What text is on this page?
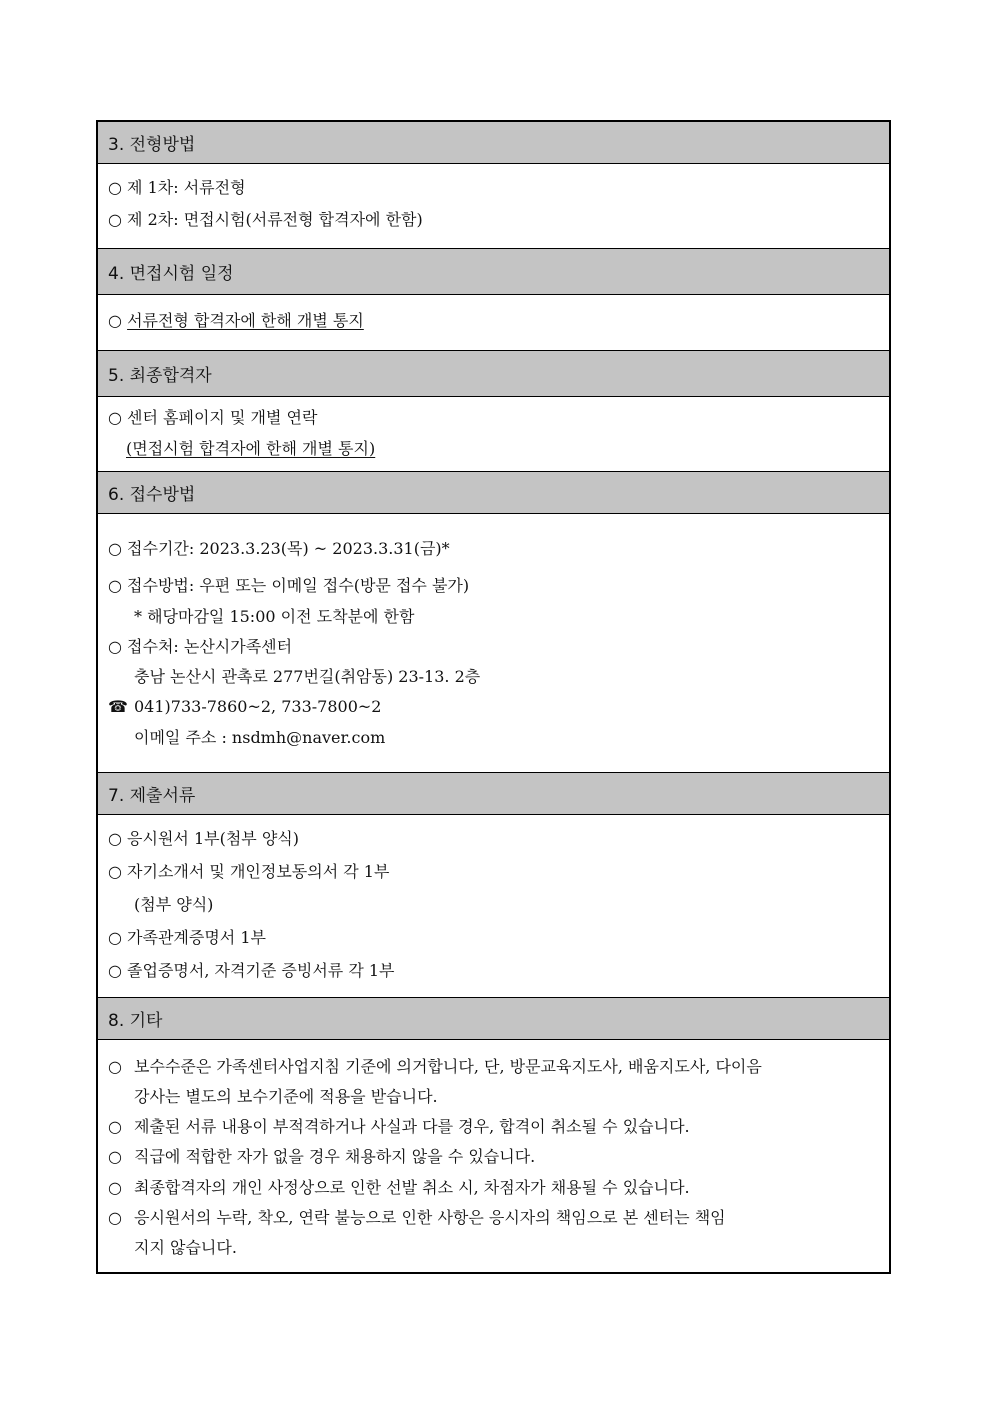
3. 전형방법
○ 제 1차: 서류전형
○ 제 2차: 면접시험(서류전형 합격자에 한함)
4. 면접시험 일정
○ 서류전형 합격자에 한해 개별 통지
5. 최종합격자
○ 센터 홈페이지 및 개별 연락
(면접시험 합격자에 한해 개별 통지)
6. 접수방법
○ 접수기간: 2023.3.23(목) ~ 2023.3.31(금)*
○ 접수방법: 우편 또는 이메일 접수(방문 접수 불가)
* 해당마감일 15:00 이전 도착분에 한함
○ 접수처: 논산시가족센터
충남 논산시 관촉로 277번길(취암동) 23-13. 2층
☎ 041)733-7860~2, 733-7800~2
이메일 주소 : nsdmh@naver.com
7. 제출서류
○ 응시원서 1부(첨부 양식)
○ 자기소개서 및 개인정보동의서 각 1부
(첨부 양식)
○ 가족관계증명서 1부
○ 졸업증명서, 자격기준 증빙서류 각 1부
8. 기타
○ 보수수준은 가족센터사업지침 기준에 의거합니다, 단, 방문교육지도사, 배움지도사, 다이음
강사는 별도의 보수기준에 적용을 받습니다.
○ 제출된 서류 내용이 부적격하거나 사실과 다를 경우, 합격이 취소될 수 있습니다.
○ 직급에 적합한 자가 없을 경우 채용하지 않을 수 있습니다.
○ 최종합격자의 개인 사정상으로 인한 선발 취소 시, 차점자가 채용될 수 있습니다.
○ 응시원서의 누락, 착오, 연락 불능으로 인한 사항은 응시자의 책임으로 본 센터는 책임
지지 않습니다.
